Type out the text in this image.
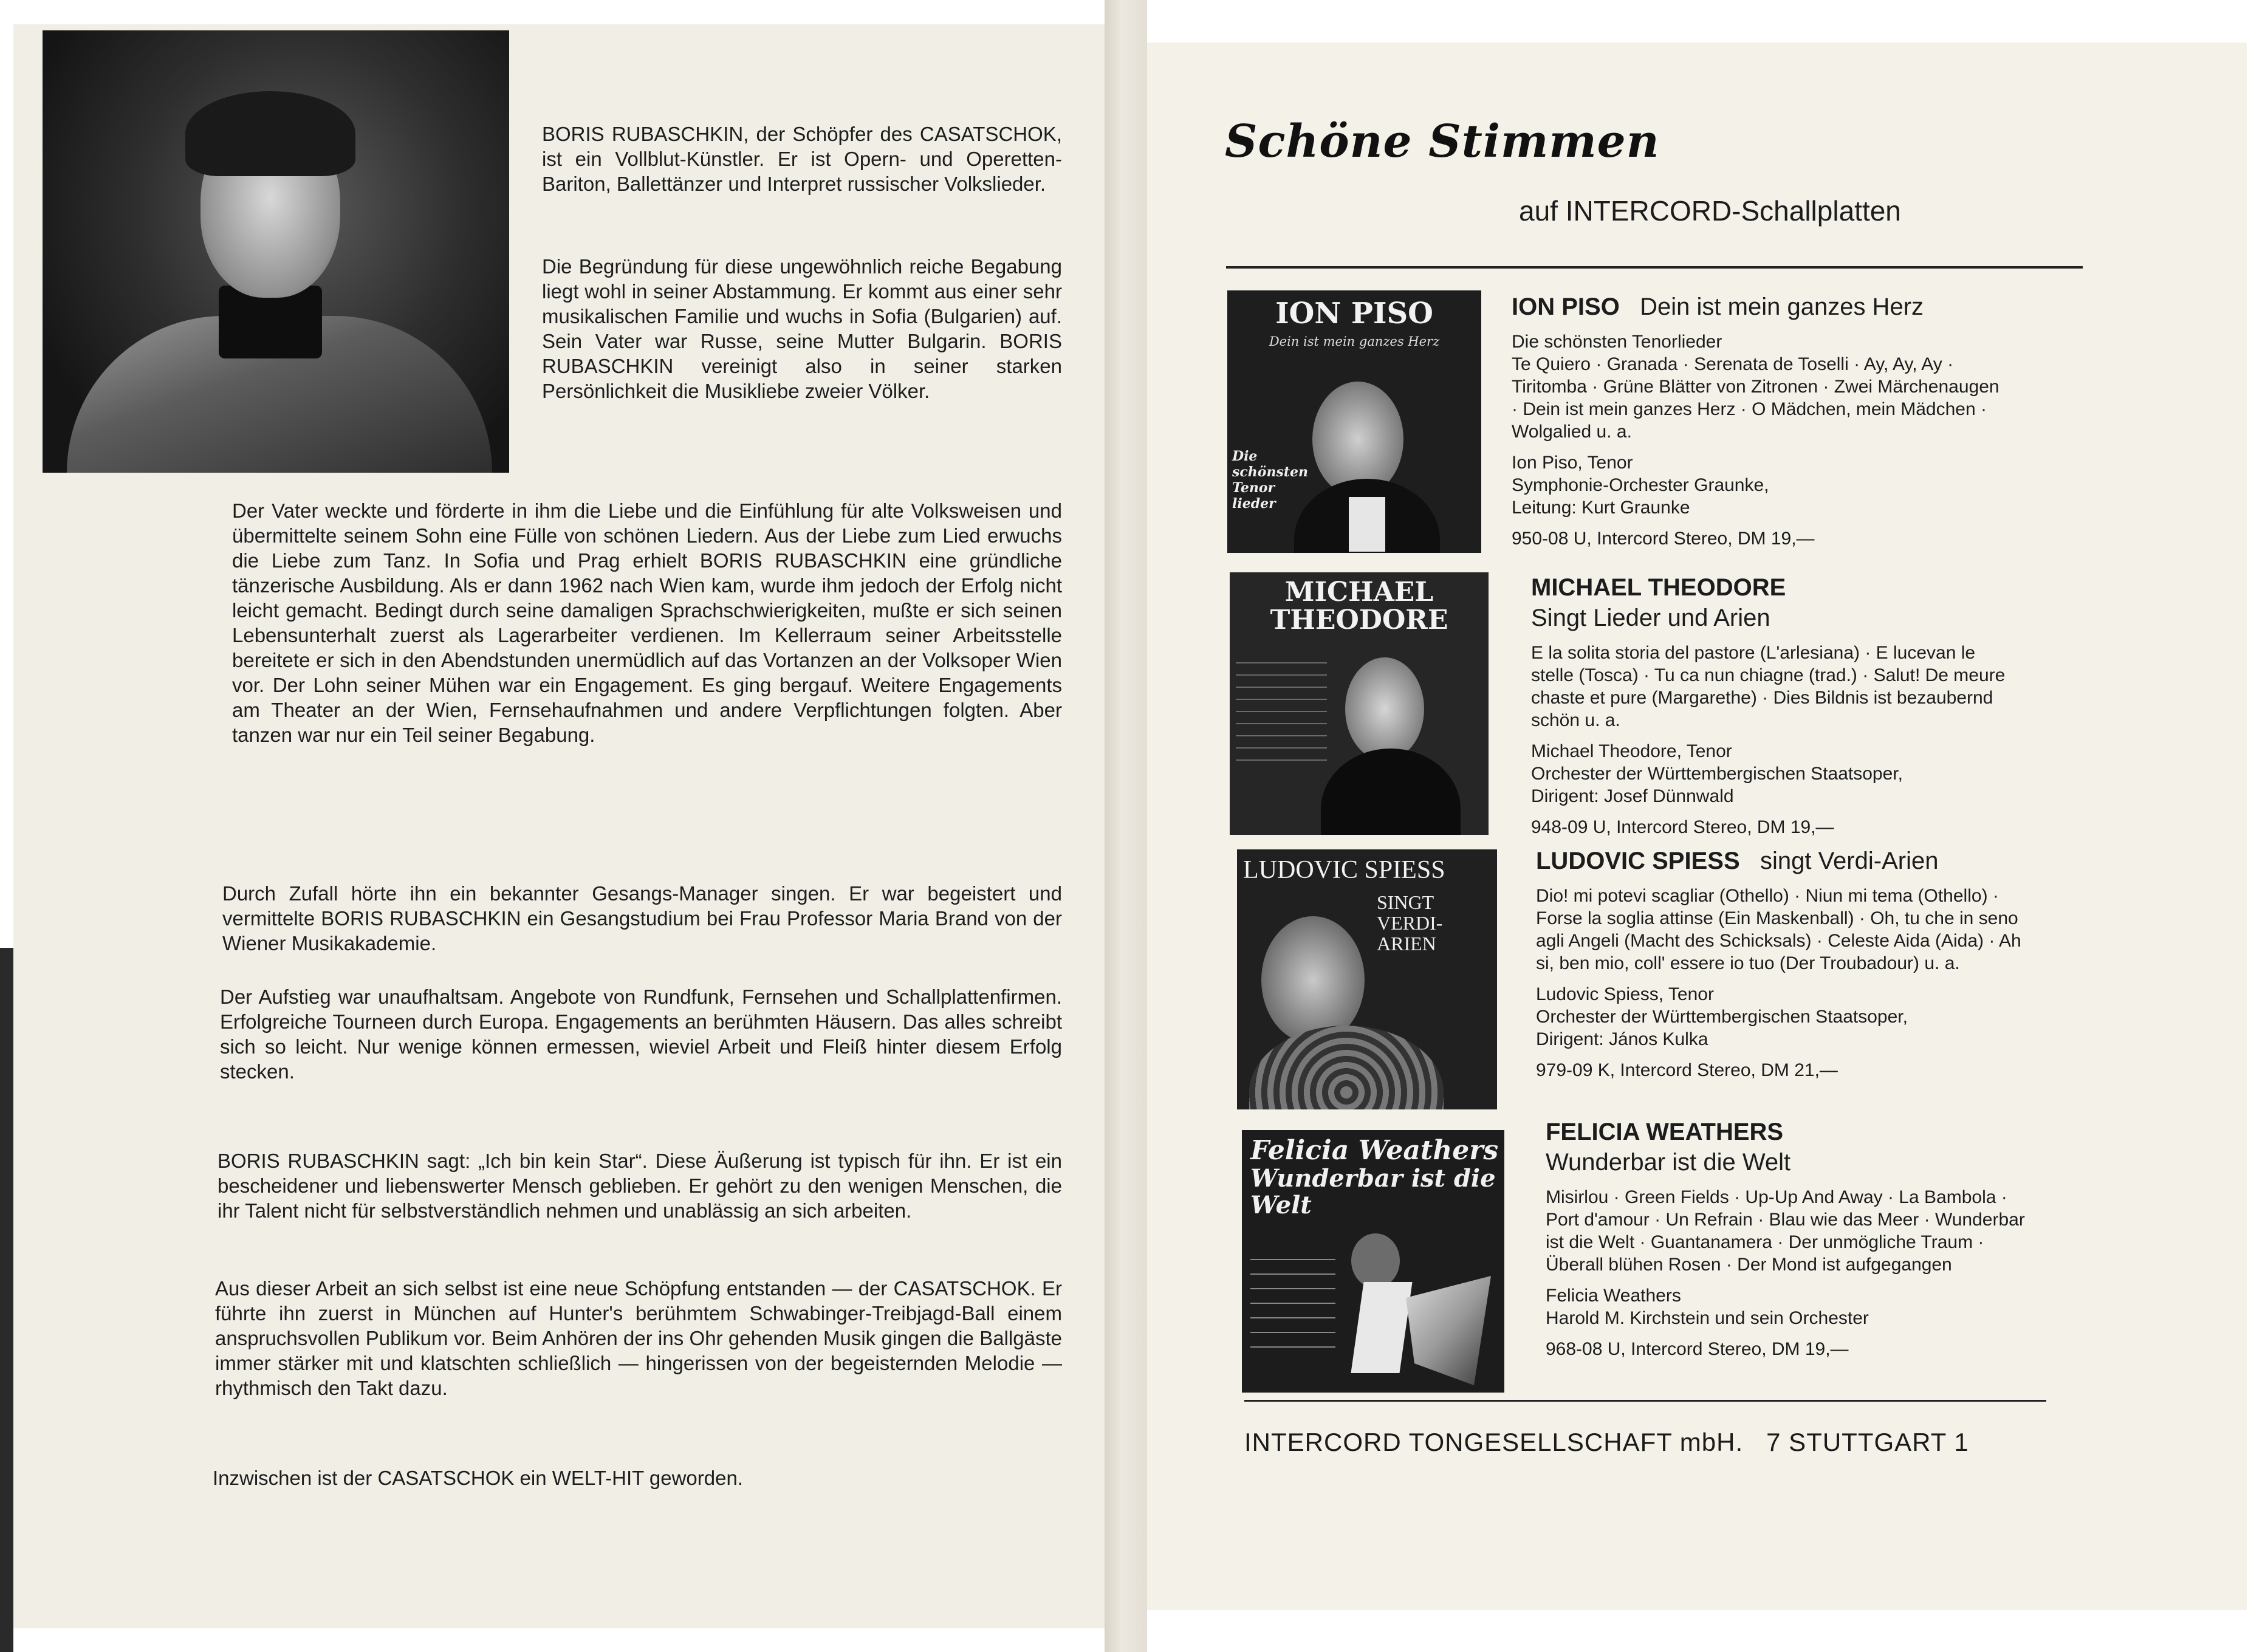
BORIS RUBASCHKIN, der Schöpfer des CASATSCHOK, ist ein Vollblut-Künstler. Er ist Opern- und Operetten-Bariton, Ballettänzer und Interpret russischer Volkslieder.

Die Begründung für diese ungewöhnlich reiche Begabung liegt wohl in seiner Abstammung. Er kommt aus einer sehr musikalischen Familie und wuchs in Sofia (Bulgarien) auf. Sein Vater war Russe, seine Mutter Bulgarin. BORIS RUBASCHKIN vereinigt also in seiner starken Persönlichkeit die Musikliebe zweier Völker.

Der Vater weckte und förderte in ihm die Liebe und die Einfühlung für alte Volksweisen und übermittelte seinem Sohn eine Fülle von schönen Liedern. Aus der Liebe zum Lied erwuchs die Liebe zum Tanz. In Sofia und Prag erhielt BORIS RUBASCHKIN eine gründliche tänzerische Ausbildung. Als er dann 1962 nach Wien kam, wurde ihm jedoch der Erfolg nicht leicht gemacht. Bedingt durch seine damaligen Sprachschwierigkeiten, mußte er sich seinen Lebensunterhalt zuerst als Lagerarbeiter verdienen. Im Kellerraum seiner Arbeitsstelle bereitete er sich in den Abendstunden unermüdlich auf das Vortanzen an der Volksoper Wien vor. Der Lohn seiner Mühen war ein Engagement. Es ging bergauf. Weitere Engagements am Theater an der Wien, Fernsehaufnahmen und andere Verpflichtungen folgten. Aber tanzen war nur ein Teil seiner Begabung.

Durch Zufall hörte ihn ein bekannter Gesangs-Manager singen. Er war begeistert und vermittelte BORIS RUBASCHKIN ein Gesangstudium bei Frau Professor Maria Brand von der Wiener Musikakademie.

Der Aufstieg war unaufhaltsam. Angebote von Rundfunk, Fernsehen und Schallplattenfirmen. Erfolgreiche Tourneen durch Europa. Engagements an berühmten Häusern. Das alles schreibt sich so leicht. Nur wenige können ermessen, wieviel Arbeit und Fleiß hinter diesem Erfolg stecken.

BORIS RUBASCHKIN sagt: „Ich bin kein Star“. Diese Äußerung ist typisch für ihn. Er ist ein bescheidener und liebenswerter Mensch geblieben. Er gehört zu den wenigen Menschen, die ihr Talent nicht für selbstverständlich nehmen und unablässig an sich arbeiten.

Aus dieser Arbeit an sich selbst ist eine neue Schöpfung entstanden — der CASATSCHOK. Er führte ihn zuerst in München auf Hunter's berühmtem Schwabinger-Treibjagd-Ball einem anspruchsvollen Publikum vor. Beim Anhören der ins Ohr gehenden Musik gingen die Ballgäste immer stärker mit und klatschten schließlich — hingerissen von der begeisternden Melodie — rhythmisch den Takt dazu.

Inzwischen ist der CASATSCHOK ein WELT-HIT geworden.

Schöne Stimmen
auf INTERCORD-Schallplatten
ION PISO
Dein ist mein ganzes Herz
Die schönsten Tenor lieder
ION PISO Dein ist mein ganzes Herz

Die schönsten Tenorlieder
Te Quiero · Granada · Serenata de Toselli · Ay, Ay, Ay · Tiritomba · Grüne Blätter von Zitronen · Zwei Märchenaugen · Dein ist mein ganzes Herz · O Mädchen, mein Mädchen · Wolgalied u. a.

Ion Piso, Tenor
Symphonie-Orchester Graunke,
Leitung: Kurt Graunke

950-08 U, Intercord Stereo, DM 19,—

MICHAEL
THEODORE
MICHAEL THEODORE
Singt Lieder und Arien

E la solita storia del pastore (L'arlesiana) · E lucevan le stelle (Tosca) · Tu ca nun chiagne (trad.) · Salut! De meure chaste et pure (Margarethe) · Dies Bildnis ist bezaubernd schön u. a.

Michael Theodore, Tenor
Orchester der Württembergischen Staatsoper,
Dirigent: Josef Dünnwald

948-09 U, Intercord Stereo, DM 19,—

LUDOVIC SPIESS
SINGT VERDI-ARIEN
LUDOVIC SPIESS singt Verdi-Arien

Dio! mi potevi scagliar (Othello) · Niun mi tema (Othello) · Forse la soglia attinse (Ein Maskenball) · Oh, tu che in seno agli Angeli (Macht des Schicksals) · Celeste Aida (Aida) · Ah si, ben mio, coll' essere io tuo (Der Troubadour) u. a.

Ludovic Spiess, Tenor
Orchester der Württembergischen Staatsoper,
Dirigent: János Kulka

979-09 K, Intercord Stereo, DM 21,—

Felicia Weathers
Wunderbar ist die Welt
FELICIA WEATHERS
Wunderbar ist die Welt

Misirlou · Green Fields · Up-Up And Away · La Bambola · Port d'amour · Un Refrain · Blau wie das Meer · Wunderbar ist die Welt · Guantanamera · Der unmögliche Traum · Überall blühen Rosen · Der Mond ist aufgegangen

Felicia Weathers
Harold M. Kirchstein und sein Orchester

968-08 U, Intercord Stereo, DM 19,—

INTERCORD TONGESELLSCHAFT mbH.   7 STUTTGART 1
